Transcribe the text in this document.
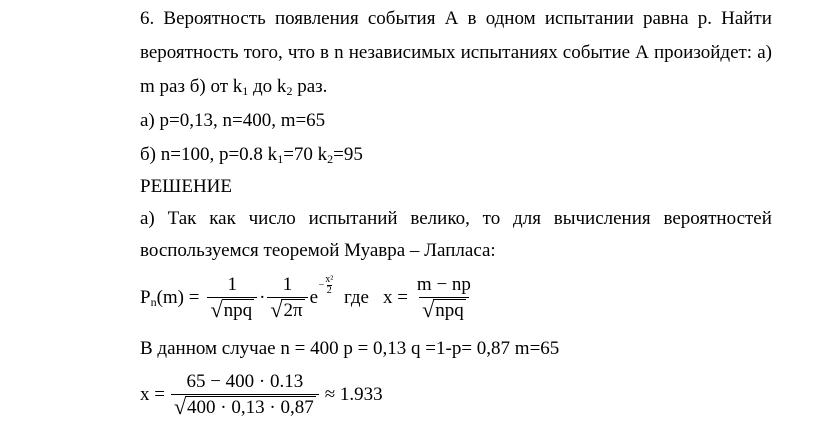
6. Вероятность появления события А в одном испытании равна р. Найти
вероятность того, что в n независимых испытаниях событие А произойдет: а)
m раз б) от $k_1$ до $k_2$ раз.
а) р=0,13, n=400, m=65
б) n=100, p=0.8 $k_1=70$ $k_2=95$
РЕШЕНИЕ
а) Так как число испытаний велико, то для вычисления вероятностей
воспользуемся теоремой Муавра – Лапласа:
$P_n(m) = \frac{1}{\text{√ npq}} \cdot \frac{1}{√ 2\pi}$ e
− $\frac{\text{x²}}{2}$
где $x = \frac{m - np}{\text{√ npq}}$
В данном случае n = 400 р = 0,13 q =1-p= 0,87 m=65
$x = \frac{65 - 400 \cdot 0.13}{√ 400 \cdot 0,13 \cdot 0,87} \approx 1.933$
